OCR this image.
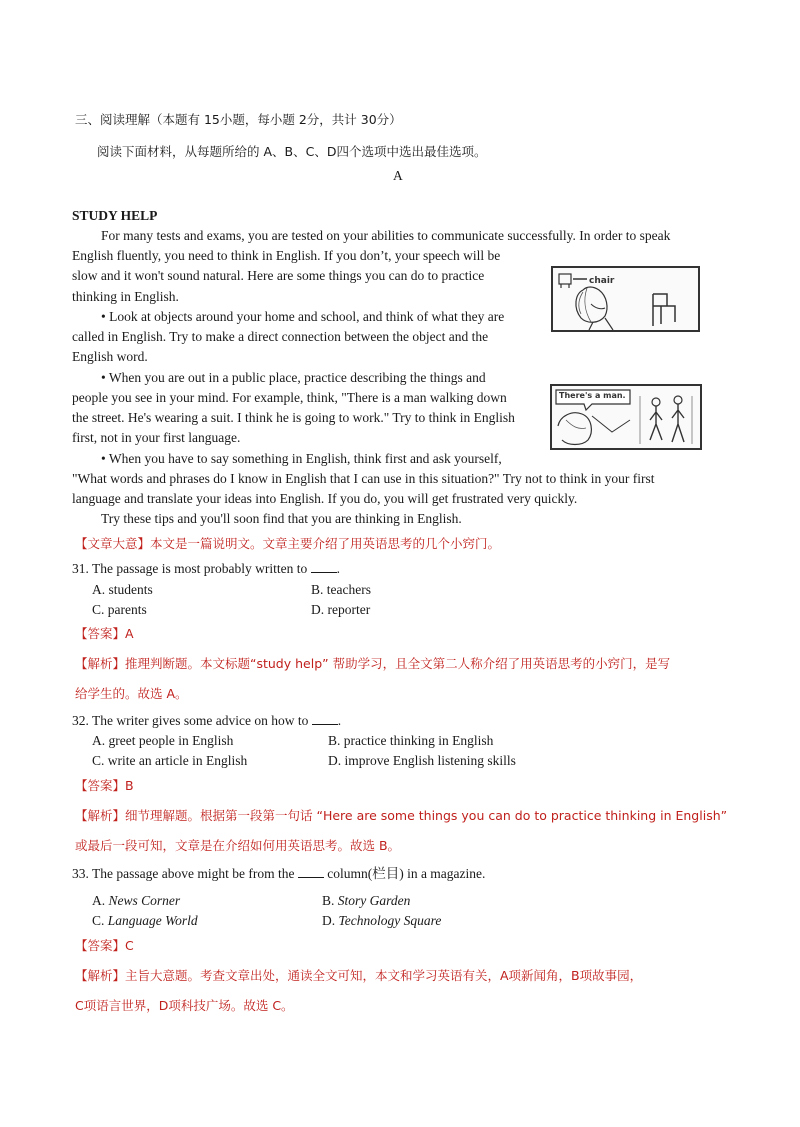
三、阅读理解（本题有 15小题，每小题 2分，共计 30分）
阅读下面材料，从每题所给的 A、B、C、D四个选项中选出最佳选项。
A
STUDY HELP
For many tests and exams, you are tested on your abilities to communicate successfully. In order to speak
English fluently, you need to think in English. If you don’t, your speech will be
slow and it won't sound natural. Here are some things you can do to practice
thinking in English.
• Look at objects around your home and school, and think of what they are
called in English. Try to make a direct connection between the object and the
English word.
• When you are out in a public place, practice describing the things and
people you see in your mind. For example, think, "There is a man walking down
the street. He's wearing a suit. I think he is going to work." Try to think in English
first, not in your first language.
• When you have to say something in English, think first and ask yourself,
"What words and phrases do I know in English that I can use in this situation?" Try not to think in your first
language and translate your ideas into English. If you do, you will get frustrated very quickly.
Try these tips and you'll soon find that you are thinking in English.
chair
There's a man.
【文章大意】本文是一篇说明文。文章主要介绍了用英语思考的几个小窍门。
31. The passage is most probably written to .
A. students	B. teachers
C. parents	D. reporter
【答案】A
【解析】推理判断题。本文标题“study help” 帮助学习，且全文第二人称介绍了用英语思考的小窍门，是写
给学生的。故选 A。
32. The writer gives some advice on how to .
A. greet people in English	B. practice thinking in English
C. write an article in English	D. improve English listening skills
【答案】B
【解析】细节理解题。根据第一段第一句话 “Here are some things you can do to practice thinking in English”
或最后一段可知，文章是在介绍如何用英语思考。故选 B。
33. The passage above might be from the column(栏目) in a magazine.
A. News Corner	B. Story Garden
C. Language World	D. Technology Square
【答案】C
【解析】主旨大意题。考查文章出处，通读全文可知，本文和学习英语有关，A项新闻角，B项故事园，
C项语言世界，D项科技广场。故选 C。
